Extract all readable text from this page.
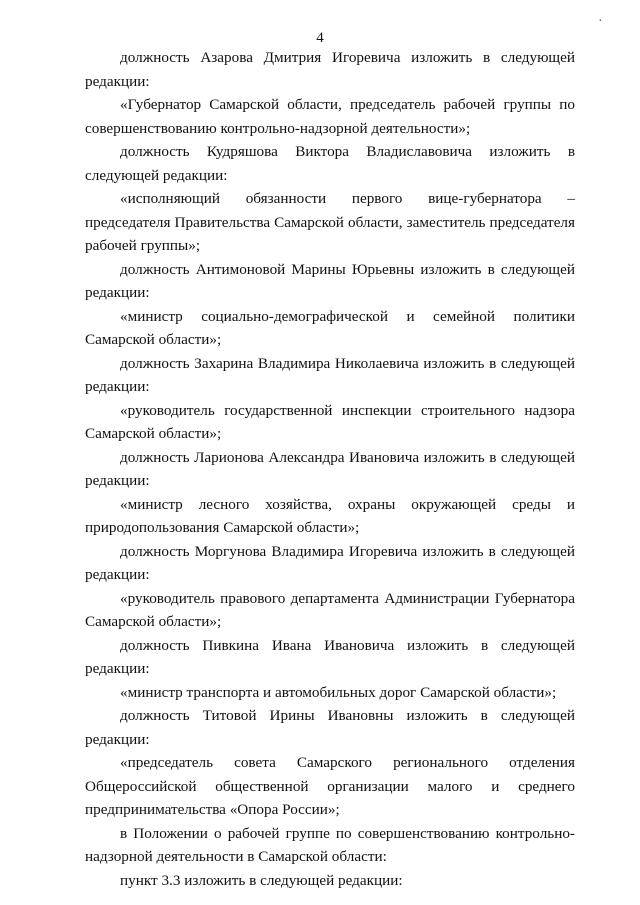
·
4

должность Азарова Дмитрия Игоревича изложить в следующей редакции:

«Губернатор Самарской области, председатель рабочей группы по совершенствованию контрольно-надзорной деятельности»;

должность Кудряшова Виктора Владиславовича изложить в следующей редакции:

«исполняющий обязанности первого вице-губернатора – председателя Правительства Самарской области, заместитель председателя рабочей группы»;

должность Антимоновой Марины Юрьевны изложить в следующей редакции:

«министр социально-демографической и семейной политики Самарской области»;

должность Захарина Владимира Николаевича изложить в следующей редакции:

«руководитель государственной инспекции строительного надзора Самарской области»;

должность Ларионова Александра Ивановича изложить в следующей редакции:

«министр лесного хозяйства, охраны окружающей среды и природопользования Самарской области»;

должность Моргунова Владимира Игоревича изложить в следующей редакции:

«руководитель правового департамента Администрации Губернатора Самарской области»;

должность Пивкина Ивана Ивановича изложить в следующей редакции:

«министр транспорта и автомобильных дорог Самарской области»;

должность Титовой Ирины Ивановны изложить в следующей редакции:

«председатель совета Самарского регионального отделения Общероссийской общественной организации малого и среднего предпринимательства «Опора России»;

в Положении о рабочей группе по совершенствованию контрольно-надзорной деятельности в Самарской области:

пункт 3.3 изложить в следующей редакции:
